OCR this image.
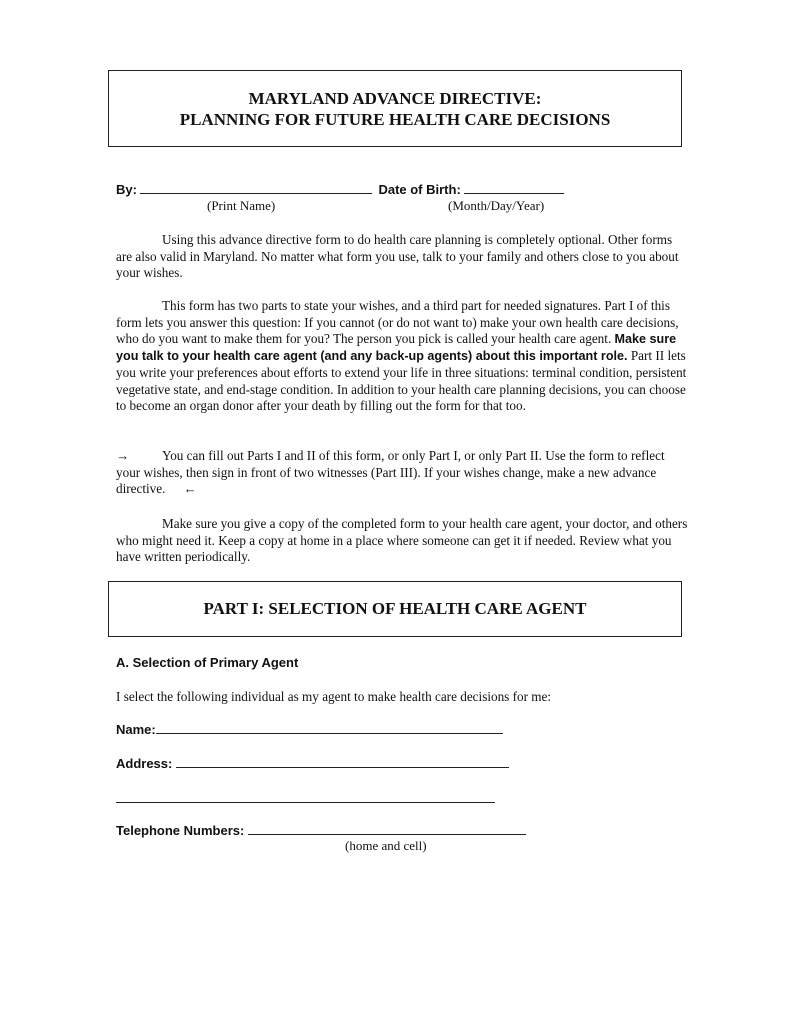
MARYLAND ADVANCE DIRECTIVE:
PLANNING FOR FUTURE HEALTH CARE DECISIONS
By:	Date of Birth:
(Print Name)	(Month/Day/Year)

Using this advance directive form to do health care planning is completely optional. Other forms are also valid in Maryland. No matter what form you use, talk to your family and others close to you about your wishes.

This form has two parts to state your wishes, and a third part for needed signatures. Part I of this form lets you answer this question: If you cannot (or do not want to) make your own health care decisions, who do you want to make them for you? The person you pick is called your health care agent. Make sure you talk to your health care agent (and any back-up agents) about this important role. Part II lets you write your preferences about efforts to extend your life in three situations: terminal condition, persistent vegetative state, and end-stage condition. In addition to your health care planning decisions, you can choose to become an organ donor after your death by filling out the form for that too.

→ You can fill out Parts I and II of this form, or only Part I, or only Part II. Use the form to reflect your wishes, then sign in front of two witnesses (Part III). If your wishes change, make a new advance directive. ←

Make sure you give a copy of the completed form to your health care agent, your doctor, and others who might need it. Keep a copy at home in a place where someone can get it if needed. Review what you have written periodically.

PART I: SELECTION OF HEALTH CARE AGENT
A. Selection of Primary Agent
I select the following individual as my agent to make health care decisions for me:
Name:
Address:
Telephone Numbers:
(home and cell)
